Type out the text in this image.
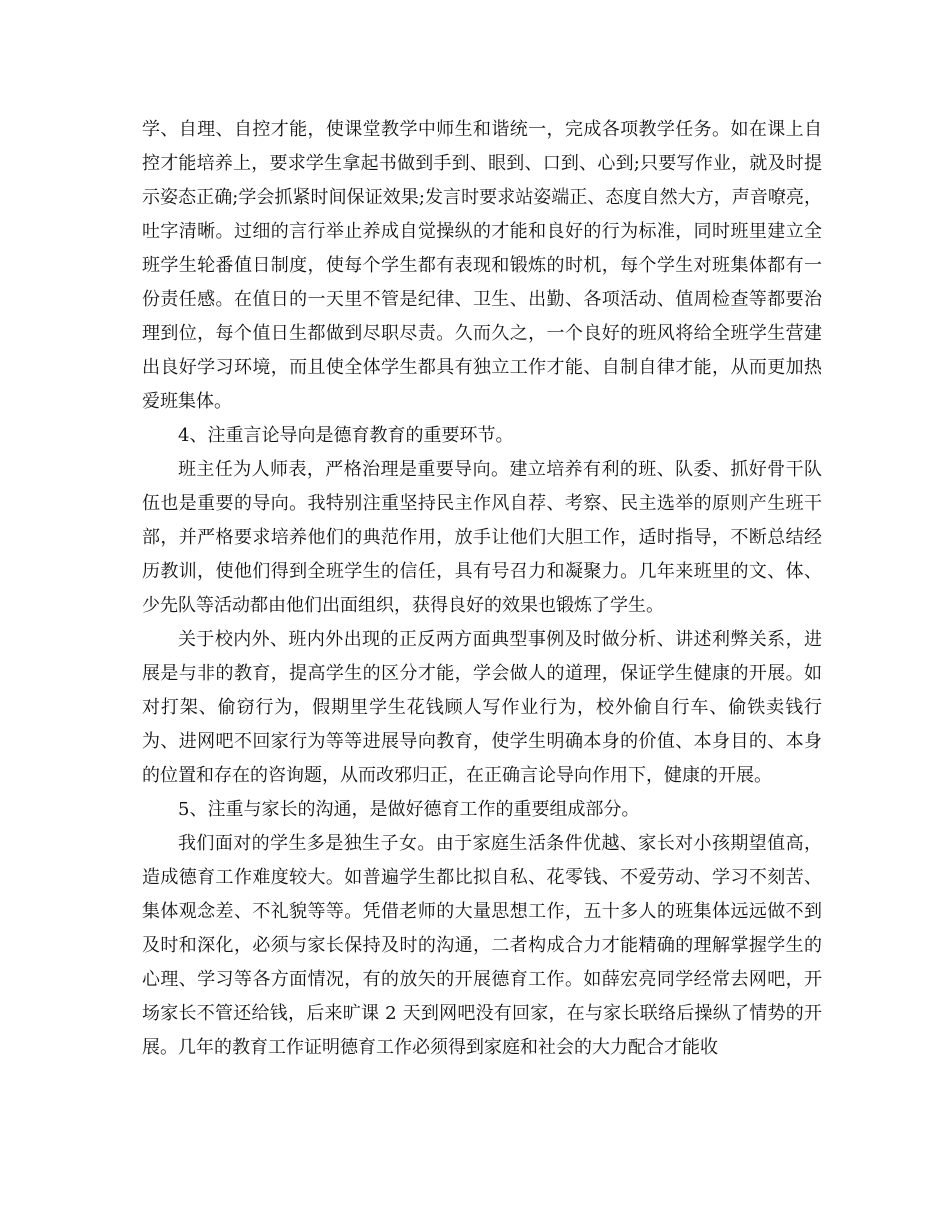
学、自理、自控才能，使课堂教学中师生和谐统一，完成各项教学任务。如在课上自控才能培养上，要求学生拿起书做到手到、眼到、口到、心到;只要写作业，就及时提示姿态正确;学会抓紧时间保证效果;发言时要求站姿端正、态度自然大方，声音嘹亮，吐字清晰。过细的言行举止养成自觉操纵的才能和良好的行为标准，同时班里建立全班学生轮番值日制度，使每个学生都有表现和锻炼的时机，每个学生对班集体都有一份责任感。在值日的一天里不管是纪律、卫生、出勤、各项活动、值周检查等都要治理到位，每个值日生都做到尽职尽责。久而久之，一个良好的班风将给全班学生营建出良好学习环境，而且使全体学生都具有独立工作才能、自制自律才能，从而更加热爱班集体。

4、注重言论导向是德育教育的重要环节。

班主任为人师表，严格治理是重要导向。建立培养有利的班、队委、抓好骨干队伍也是重要的导向。我特别注重坚持民主作风自荐、考察、民主选举的原则产生班干部，并严格要求培养他们的典范作用，放手让他们大胆工作，适时指导，不断总结经历教训，使他们得到全班学生的信任，具有号召力和凝聚力。几年来班里的文、体、少先队等活动都由他们出面组织，获得良好的效果也锻炼了学生。

关于校内外、班内外出现的正反两方面典型事例及时做分析、讲述利弊关系，进展是与非的教育，提高学生的区分才能，学会做人的道理，保证学生健康的开展。如对打架、偷窃行为，假期里学生花钱顾人写作业行为，校外偷自行车、偷铁卖钱行为、进网吧不回家行为等等进展导向教育，使学生明确本身的价值、本身目的、本身的位置和存在的咨询题，从而改邪归正，在正确言论导向作用下，健康的开展。

5、注重与家长的沟通，是做好德育工作的重要组成部分。

我们面对的学生多是独生子女。由于家庭生活条件优越、家长对小孩期望值高，造成德育工作难度较大。如普遍学生都比拟自私、花零钱、不爱劳动、学习不刻苦、集体观念差、不礼貌等等。凭借老师的大量思想工作，五十多人的班集体远远做不到及时和深化，必须与家长保持及时的沟通，二者构成合力才能精确的理解掌握学生的心理、学习等各方面情况，有的放矢的开展德育工作。如薛宏亮同学经常去网吧，开场家长不管还给钱，后来旷课 2 天到网吧没有回家，在与家长联络后操纵了情势的开展。几年的教育工作证明德育工作必须得到家庭和社会的大力配合才能收
